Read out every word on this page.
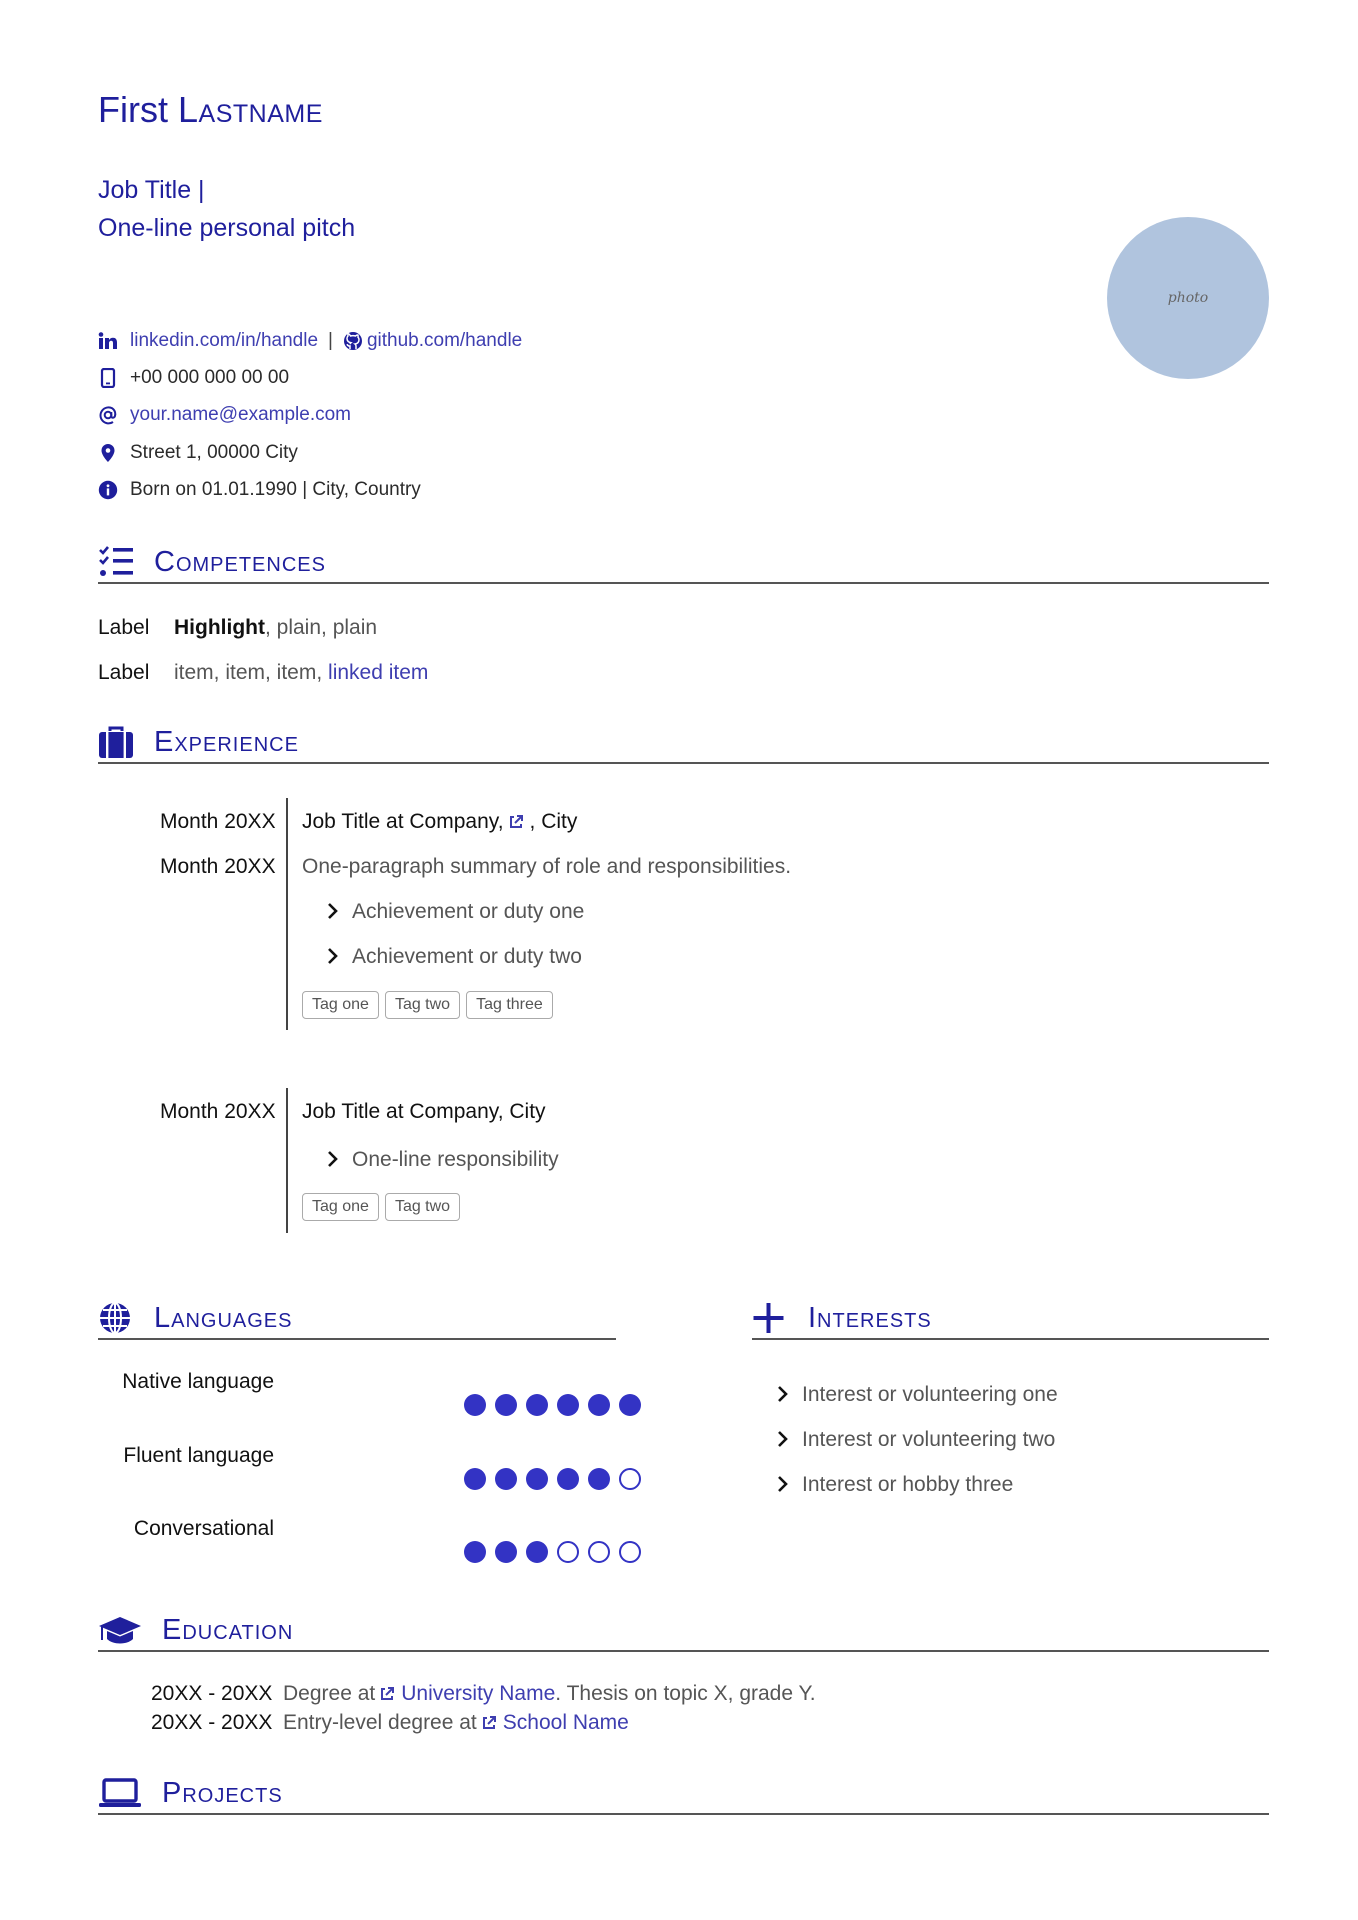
First Lastname
Job Title |
One-line personal pitch
photo
linkedin.com/in/handle | github.com/handle
+00 000 000 00 00
your.name@example.com
Street 1, 00000 City
Born on 01.01.1990 | City, Country
Competences
Label Highlight, plain, plain
Label item, item, item, linked item
Experience
Month 20XX
Month 20XX
Job Title at Company, , City
One-paragraph summary of role and responsibilities.
Achievement or duty one
Achievement or duty two
Tag one Tag two Tag three
Month 20XX Job Title at Company, City
One-line responsibility
Tag one Tag two
Languages
Native language
Fluent language
Conversational
Interests
Interest or volunteering one
Interest or volunteering two
Interest or hobby three
Education
20XX - 20XX Degree at University Name. Thesis on topic X, grade Y.
20XX - 20XX Entry-level degree at School Name
Projects
